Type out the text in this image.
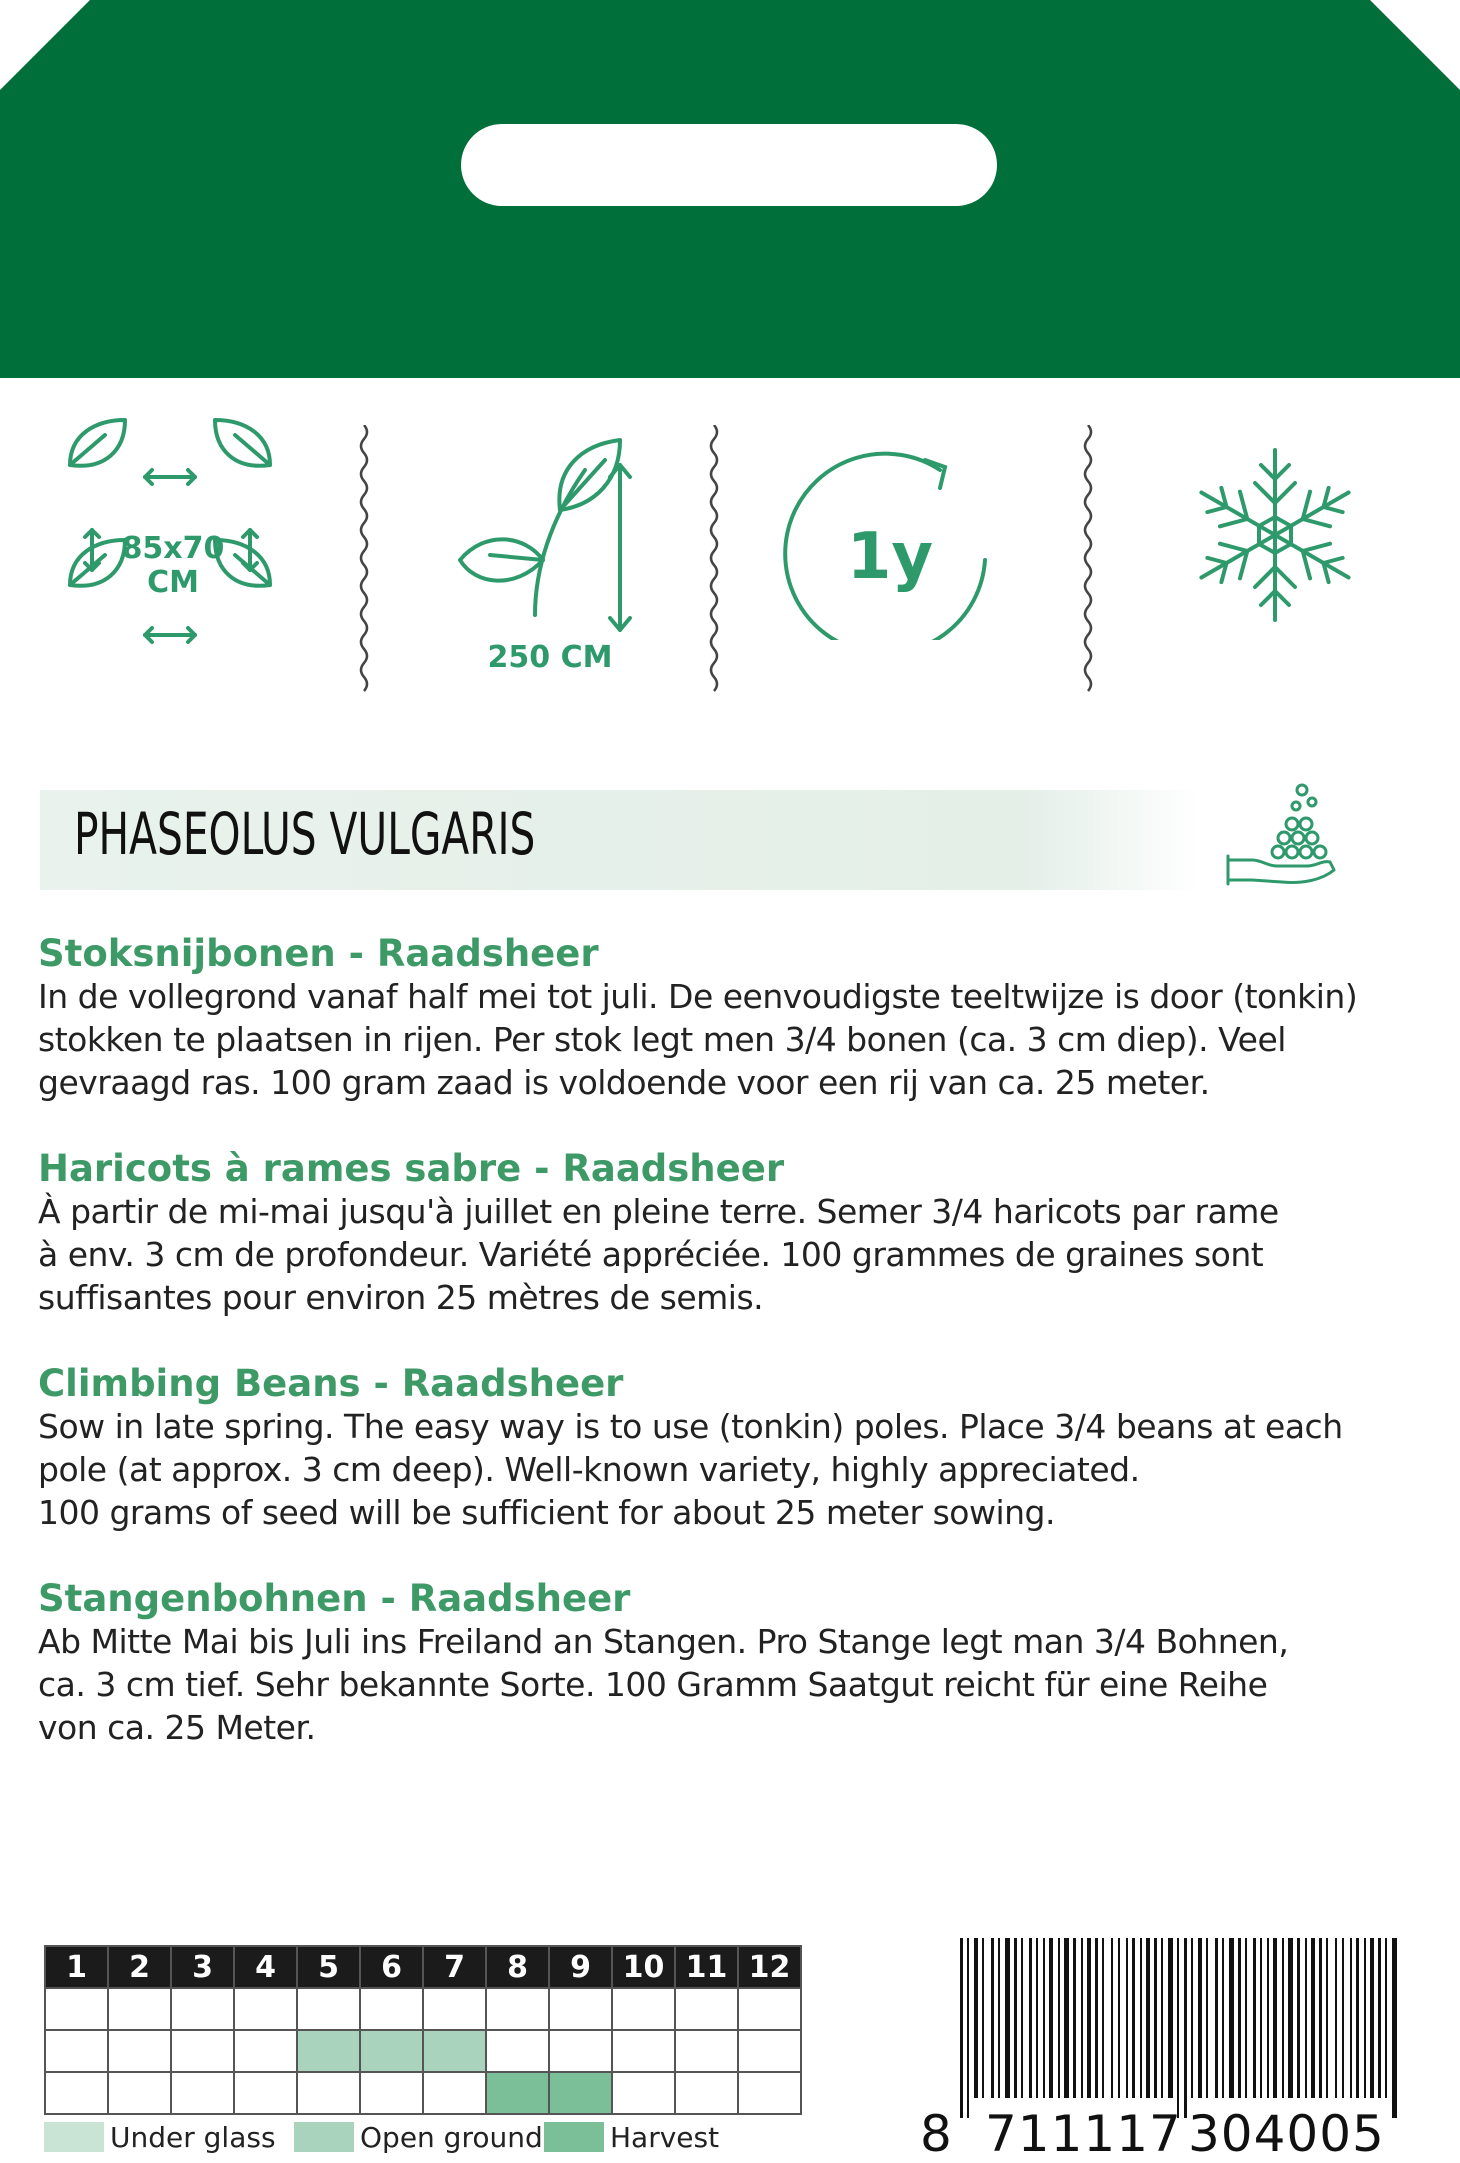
85x70
CM
250 CM
1y
PHASEOLUS VULGARIS
Stoksnijbonen - Raadsheer

In de vollegrond vanaf half mei tot juli. De eenvoudigste teeltwijze is door (tonkin)
stokken te plaatsen in rijen. Per stok legt men 3/4 bonen (ca. 3 cm diep). Veel
gevraagd ras. 100 gram zaad is voldoende voor een rij van ca. 25 meter.

Haricots à rames sabre - Raadsheer

À partir de mi-mai jusqu'à juillet en pleine terre. Semer 3/4 haricots par rame
à env. 3 cm de profondeur. Variété appréciée. 100 grammes de graines sont
suffisantes pour environ 25 mètres de semis.

Climbing Beans - Raadsheer

Sow in late spring. The easy way is to use (tonkin) poles. Place 3/4 beans at each
pole (at approx. 3 cm deep). Well-known variety, highly appreciated.
100 grams of seed will be sufficient for about 25 meter sowing.

Stangenbohnen - Raadsheer

Ab Mitte Mai bis Juli ins Freiland an Stangen. Pro Stange legt man 3/4 Bohnen,
ca. 3 cm tief. Sehr bekannte Sorte. 100 Gramm Saatgut reicht für eine Reihe
von ca. 25 Meter.

1	2	3	4	5	6	7	8	9	10	11	12

Under glass	Open ground Harvest	8 711117 304005
